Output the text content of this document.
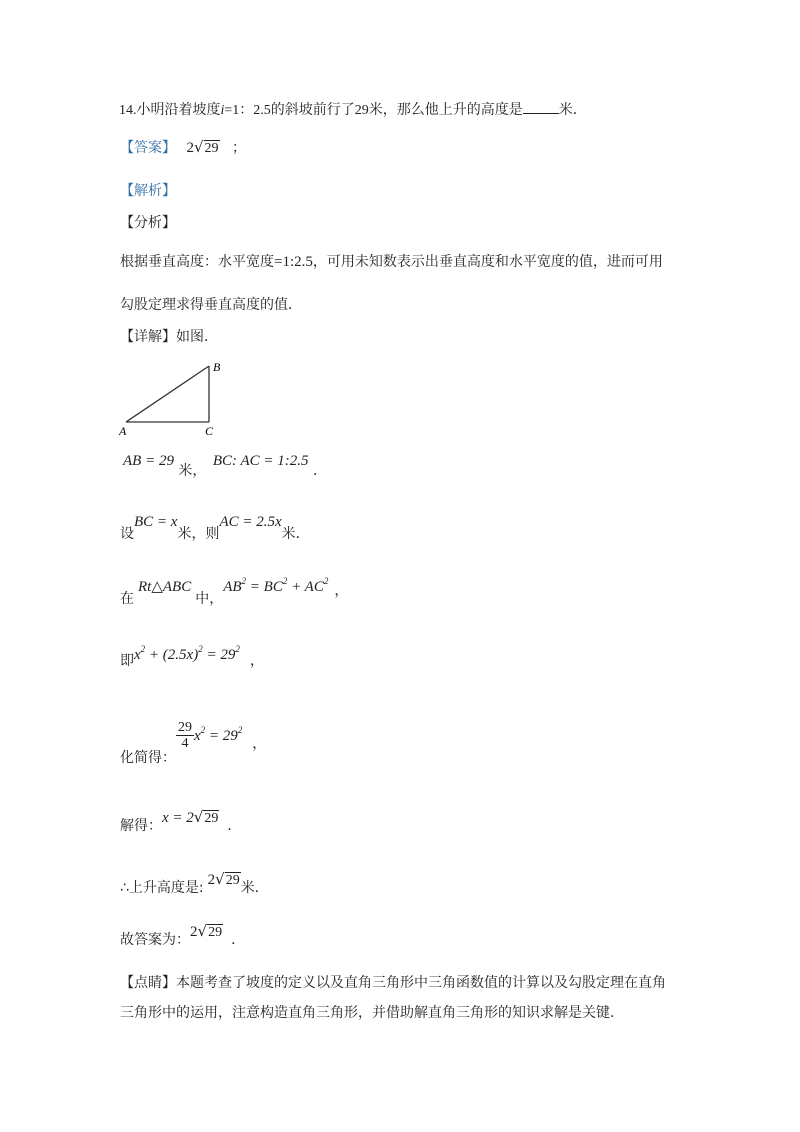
14.小明沿着坡度i=1：2.5的斜坡前行了29米，那么他上升的高度是	米．
【答案】 2√29 ；
【解析】
【分析】
根据垂直高度：水平宽度=1:2.5，可用未知数表示出垂直高度和水平宽度的值，进而可用
勾股定理求得垂直高度的值．
【详解】如图．
A	C
B
AB = 29 米， BC: AC = 1:2.5 ．
设BC = x米，则AC = 2.5x米．
在Rt△ABC中，$AB^2 = BC^2 + AC^2$，
即$x^2 + (2.5x)^2 = 29^2$，
化简得：
$\frac{29}{4} x^2 = 29^2$，
解得：x = 2√29 ．
∴上升高度是: 2√29米．
故答案为：2√29 ．
【点睛】本题考查了坡度的定义以及直角三角形中三角函数值的计算以及勾股定理在直角
三角形中的运用，注意构造直角三角形，并借助解直角三角形的知识求解是关键.
